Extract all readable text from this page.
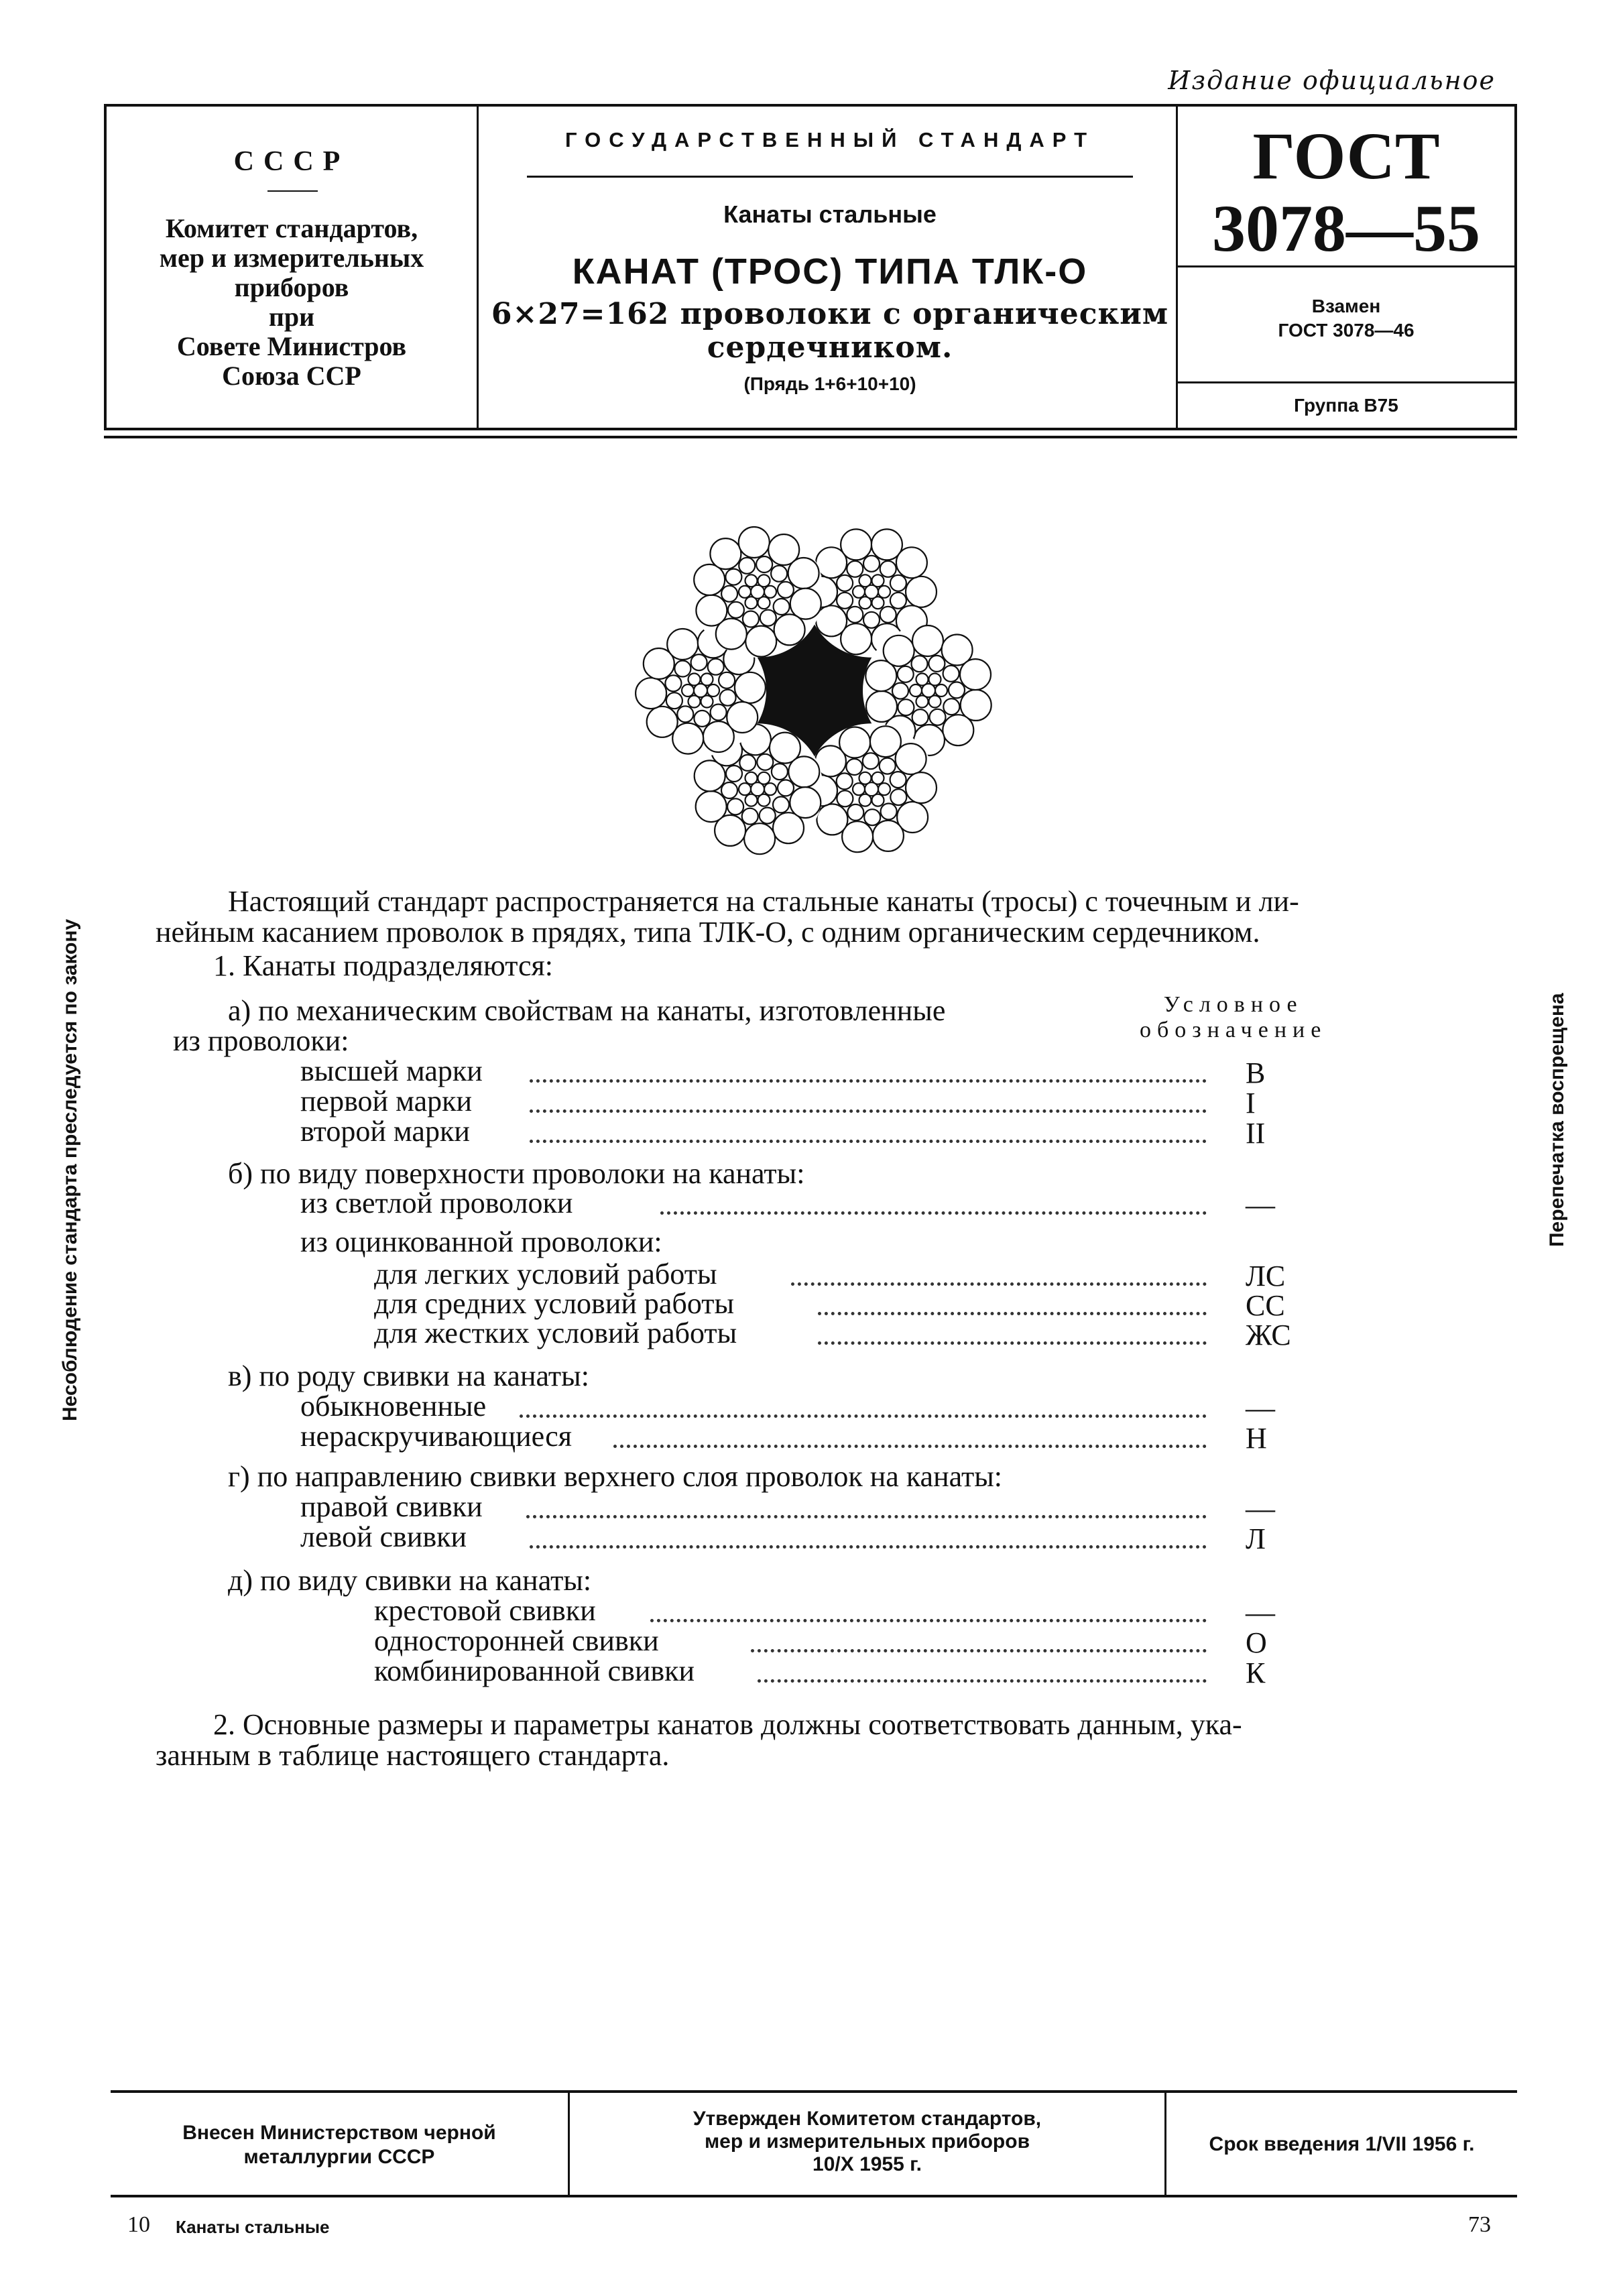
Издание официальное
СССР
Комитет стандартов,
мер и измерительных
приборов
при
Совете Министров
Союза ССР
ГОСУДАРСТВЕННЫЙ СТАНДАРТ
Канаты стальные
КАНАТ (ТРОС) ТИПА ТЛК-О
6×27=162 проволоки с органическим
сердечником.
(Прядь 1+6+10+10)
ГОСТ
3078—55
Взамен
ГОСТ 3078—46
Группа В75
Несоблюдение стандарта преследуется по закону	Перепечатка воспрещена
Настоящий стандарт распространяется на стальные канаты (тросы) с точечным и ли-
нейным касанием проволок в прядях, типа ТЛК-О, с одним органическим сердечником.
1. Канаты подразделяются:
Условное
обозначение
а) по механическим свойствам на канаты, изготовленные
из проволоки:
высшей марки	В
первой марки	I
второй марки	II
б) по виду поверхности проволоки на канаты:
из светлой проволоки	—
из оцинкованной проволоки:
для легких условий работы	ЛС
для средних условий работы	СС
для жестких условий работы	ЖС
в) по роду свивки на канаты:
обыкновенные	—
нераскручивающиеся	Н
г) по направлению свивки верхнего слоя проволок на канаты:
правой свивки	—
левой свивки	Л
д) по виду свивки на канаты:
крестовой свивки	—
односторонней свивки	О
комбинированной свивки	К
2. Основные размеры и параметры канатов должны соответствовать данным, ука-
занным в таблице настоящего стандарта.
Внесен Министерством черной
металлургии СССР
Утвержден Комитетом стандартов,
мер и измерительных приборов
10/Х 1955 г.
Срок введения 1/VII 1956 г.
10 Канаты стальные	73
